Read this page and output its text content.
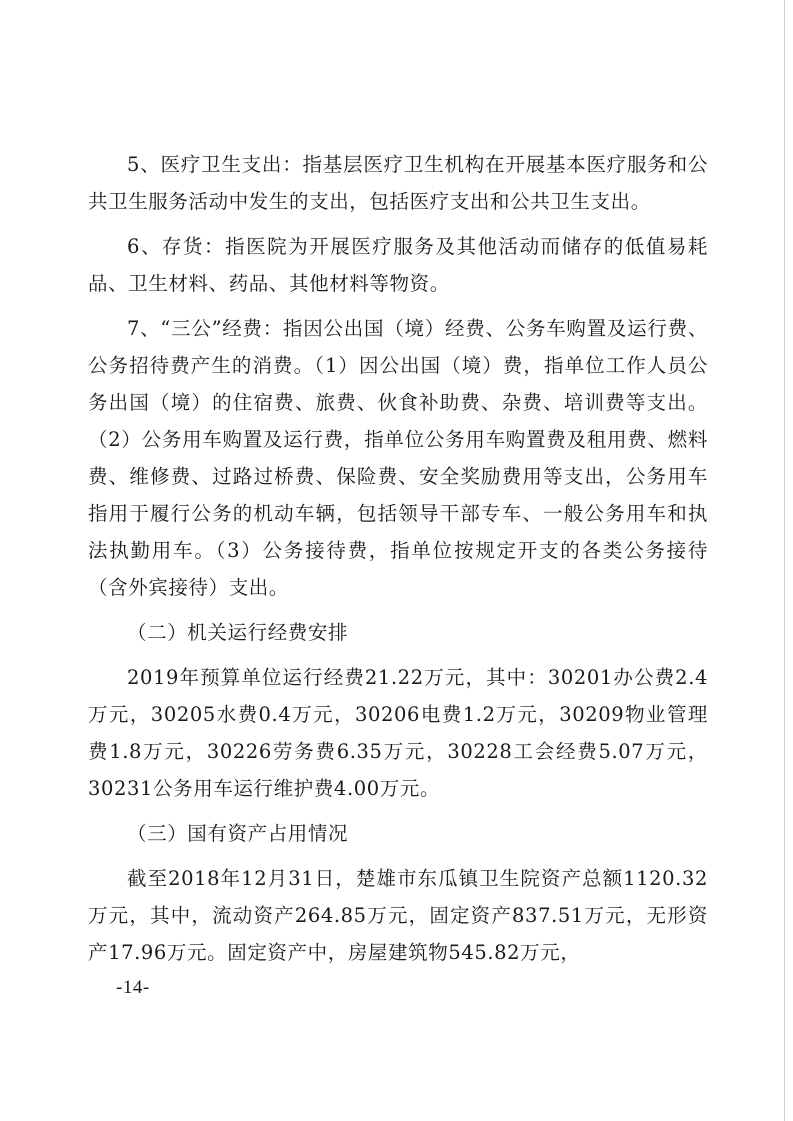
5、医疗卫生支出：指基层医疗卫生机构在开展基本医疗服务和公共卫生服务活动中发生的支出，包括医疗支出和公共卫生支出。

6、存货：指医院为开展医疗服务及其他活动而储存的低值易耗品、卫生材料、药品、其他材料等物资。

7、“三公”经费：指因公出国（境）经费、公务车购置及运行费、公务招待费产生的消费。（1）因公出国（境）费，指单位工作人员公务出国（境）的住宿费、旅费、伙食补助费、杂费、培训费等支出。（2）公务用车购置及运行费，指单位公务用车购置费及租用费、燃料费、维修费、过路过桥费、保险费、安全奖励费用等支出，公务用车指用于履行公务的机动车辆，包括领导干部专车、一般公务用车和执法执勤用车。（3）公务接待费，指单位按规定开支的各类公务接待（含外宾接待）支出。

（二）机关运行经费安排

2019年预算单位运行经费21.22万元，其中：30201办公费2.4万元，30205水费0.4万元，30206电费1.2万元，30209物业管理费1.8万元，30226劳务费6.35万元，30228工会经费5.07万元，30231公务用车运行维护费4.00万元。

（三）国有资产占用情况

截至2018年12月31日，楚雄市东瓜镇卫生院资产总额1120.32万元，其中，流动资产264.85万元，固定资产837.51万元，无形资产17.96万元。固定资产中，房屋建筑物545.82万元，

-14-
